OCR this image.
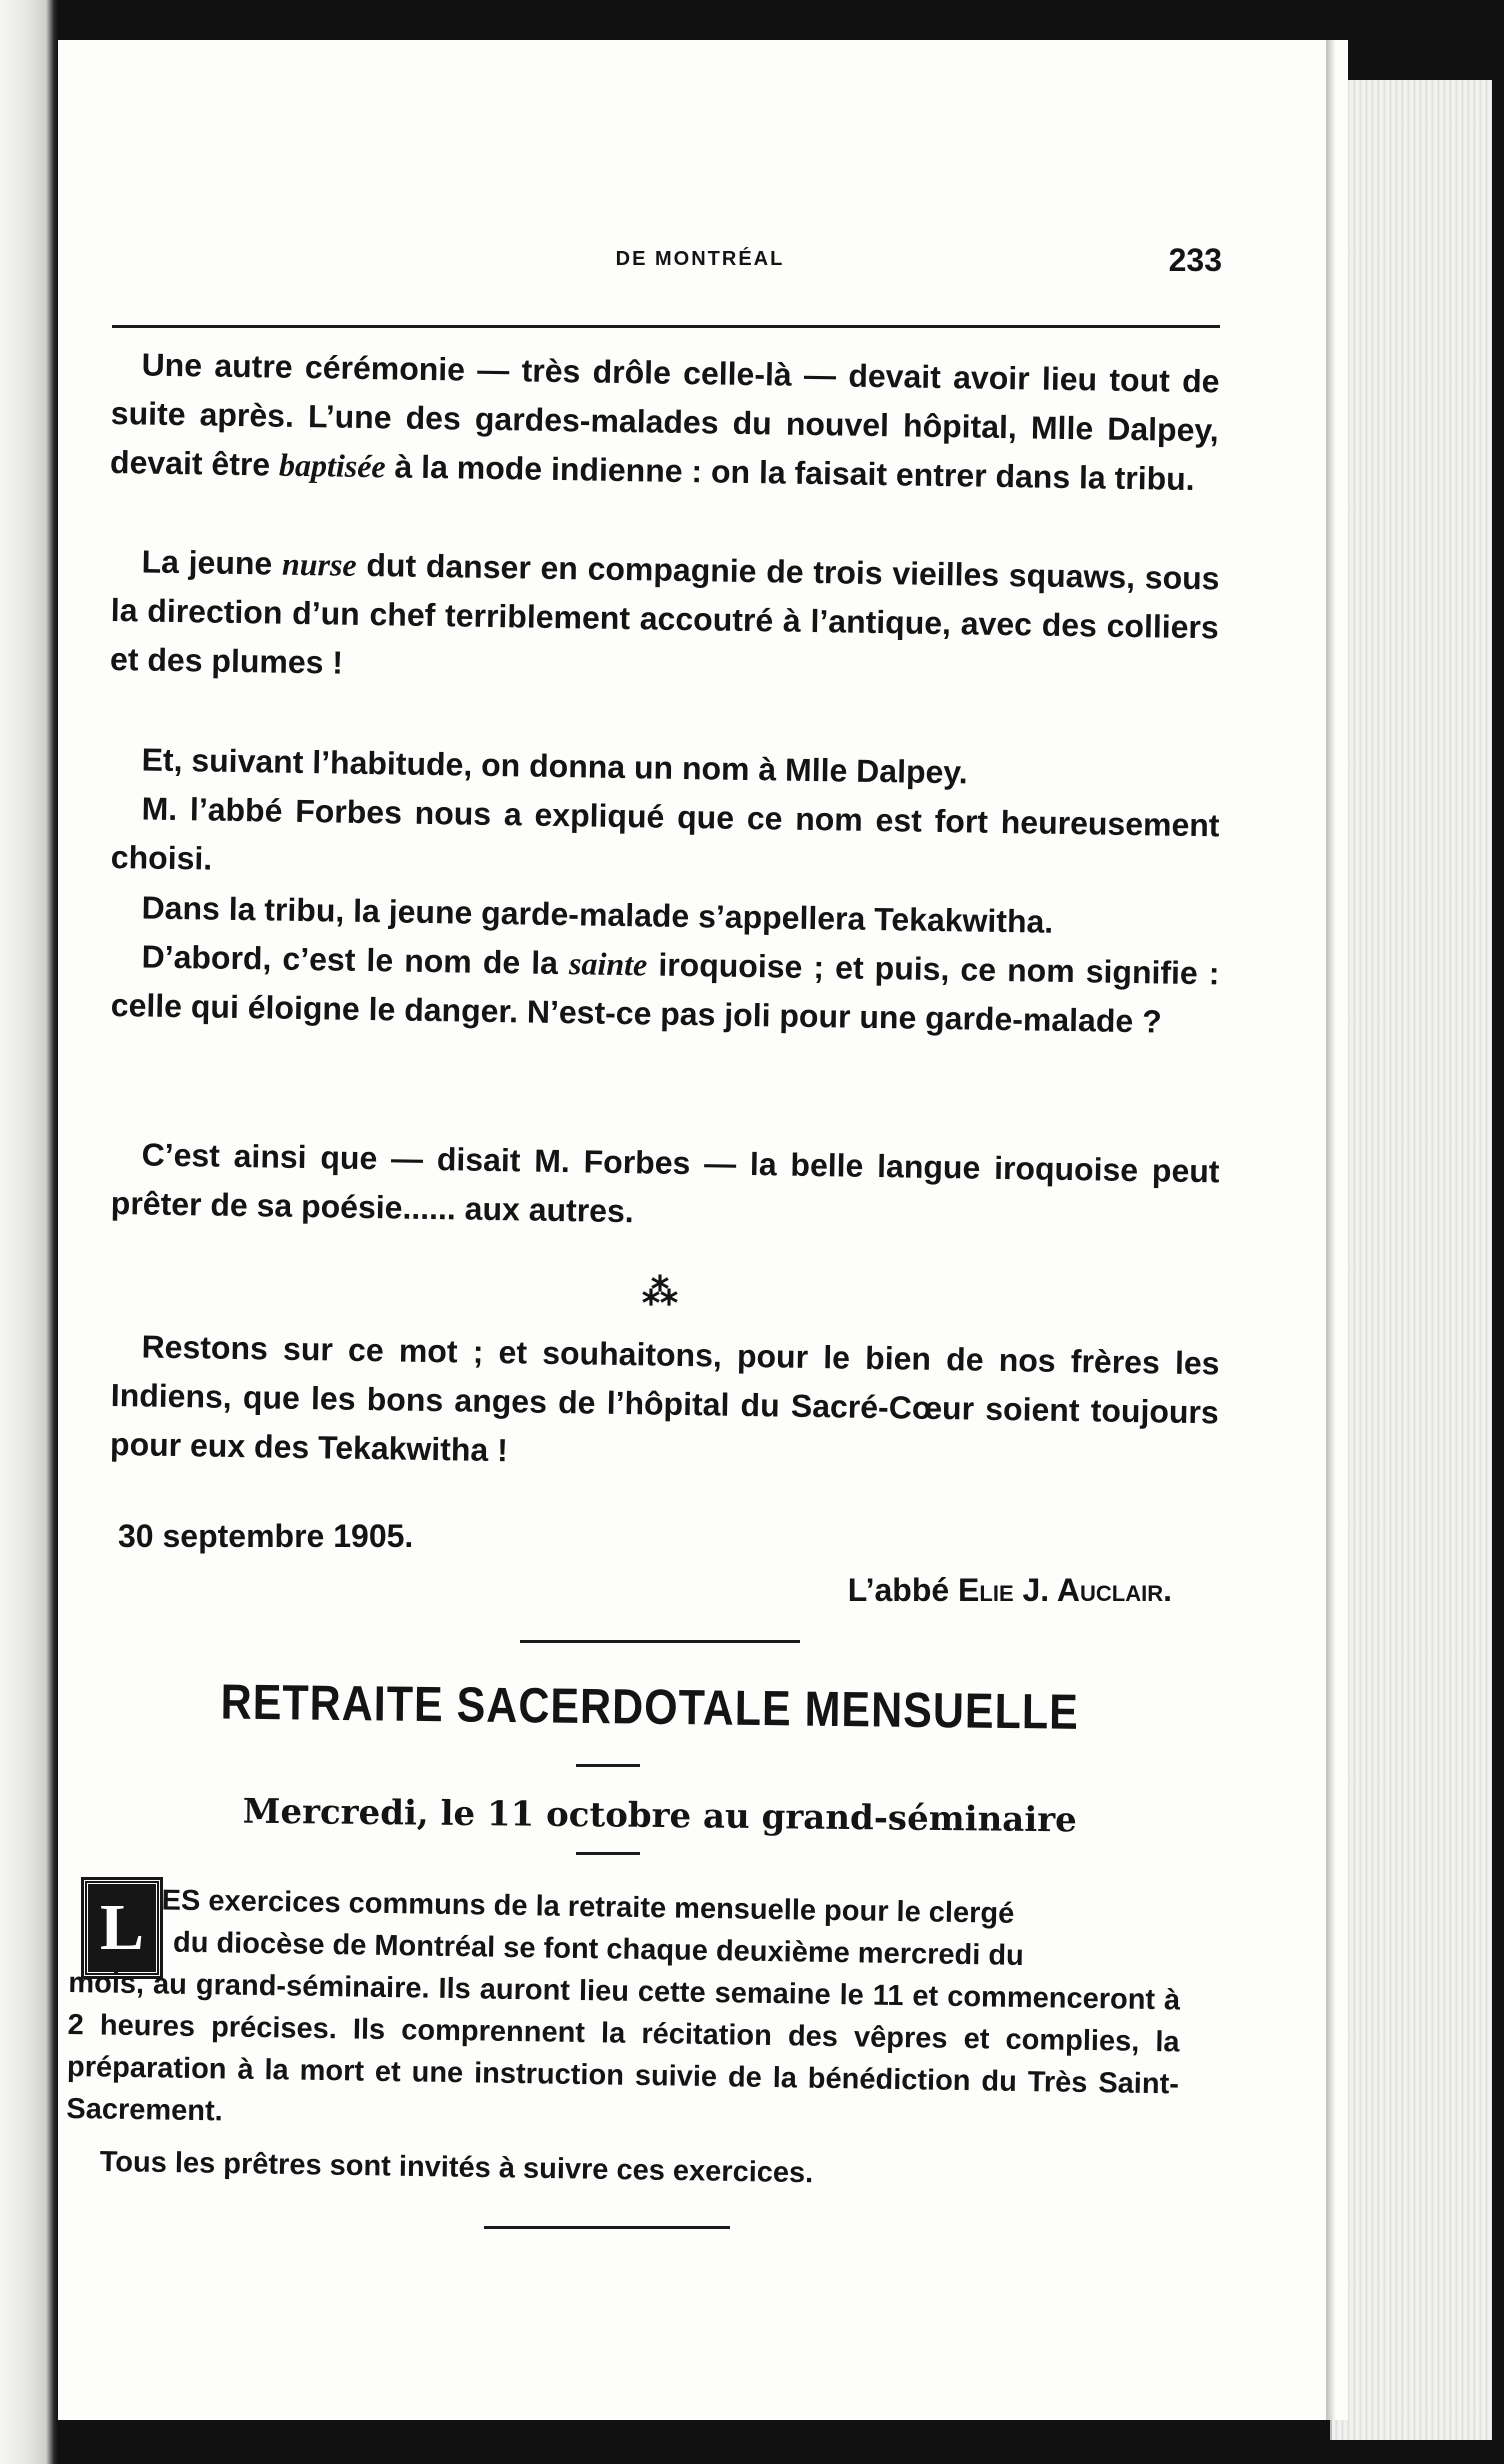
DE MONTRÉAL	233

Une autre cérémonie — très drôle celle-là — devait avoir lieu tout de suite après. L’une des gardes-malades du nouvel hôpital, Mlle Dalpey, devait être baptisée à la mode indienne : on la faisait entrer dans la tribu.

La jeune nurse dut danser en compagnie de trois vieilles squaws, sous la direction d’un chef terriblement accoutré à l’antique, avec des colliers et des plumes !

Et, suivant l’habitude, on donna un nom à Mlle Dalpey.

M. l’abbé Forbes nous a expliqué que ce nom est fort heureusement choisi.

Dans la tribu, la jeune garde-malade s’appellera Tekakwitha.

D’abord, c’est le nom de la sainte iroquoise ; et puis, ce nom signifie : celle qui éloigne le danger. N’est-ce pas joli pour une garde-malade ?

C’est ainsi que — disait M. Forbes — la belle langue iroquoise peut prêter de sa poésie...... aux autres.

⁂

Restons sur ce mot ; et souhaitons, pour le bien de nos frères les Indiens, que les bons anges de l’hôpital du Sacré-Cœur soient toujours pour eux des Tekakwitha !

30 septembre 1905.
L’abbé Elie J. Auclair.
RETRAITE SACERDOTALE MENSUELLE
Mercredi, le 11 octobre au grand-séminaire
L ES exercices communs de la retraite mensuelle pour le clergé
du diocèse de Montréal se font chaque deuxième mercredi du
mois, au grand-séminaire. Ils auront lieu cette semaine le 11 et commenceront à 2 heures précises. Ils comprennent la récitation des vêpres et complies, la préparation à la mort et une instruction suivie de la bénédiction du Très Saint-Sacrement.

Tous les prêtres sont invités à suivre ces exercices.
